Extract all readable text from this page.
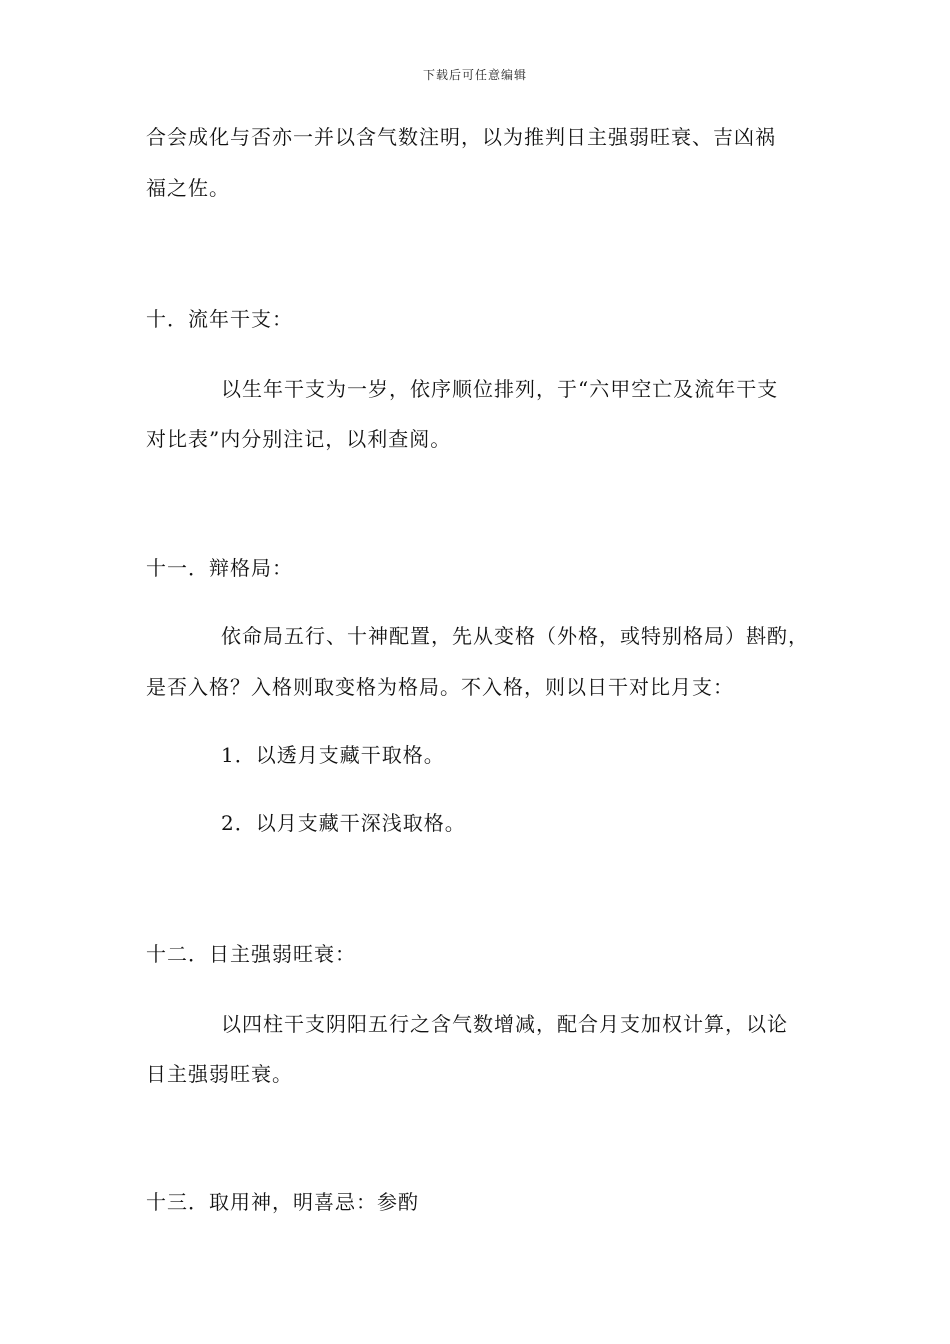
下载后可任意编辑
合会成化与否亦一并以含气数注明，以为推判日主强弱旺衰、吉凶祸
福之佐。
十．流年干支：
以生年干支为一岁，依序顺位排列，于“六甲空亡及流年干支
对比表”内分别注记，以利查阅。
十一．辩格局：
依命局五行、十神配置，先从变格（外格，或特别格局）斟酌，
是否入格？入格则取变格为格局。不入格，则以日干对比月支：
1．以透月支藏干取格。
2．以月支藏干深浅取格。
十二．日主强弱旺衰：
以四柱干支阴阳五行之含气数增减，配合月支加权计算，以论
日主强弱旺衰。
十三．取用神，明喜忌：参酌
